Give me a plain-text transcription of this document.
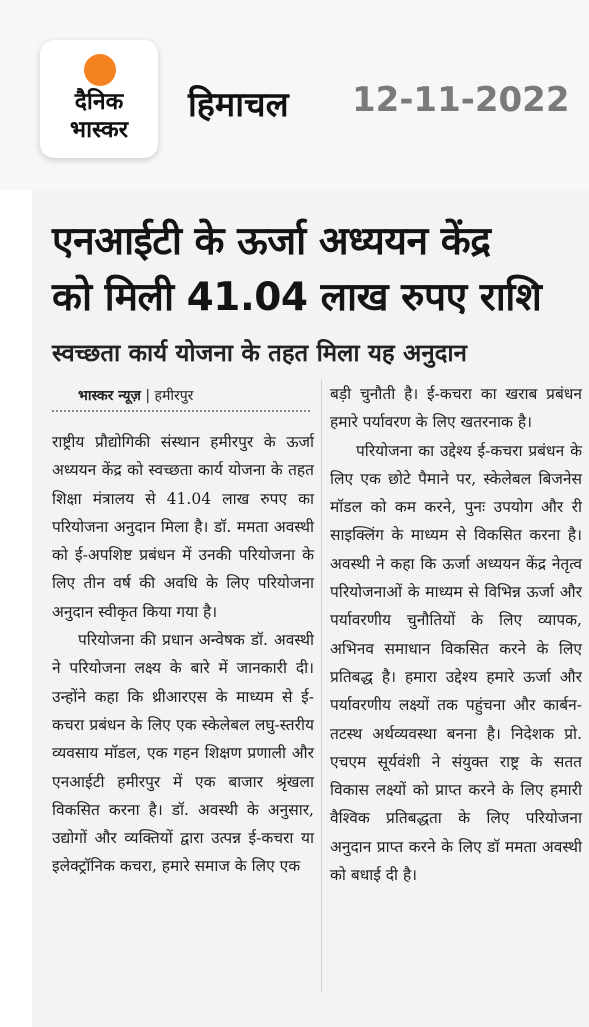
दैनिक
भास्कर
हिमाचल 12-11-2022
एनआईटी के ऊर्जा अध्ययन केंद्र
को मिली 41.04 लाख रुपए राशि
स्वच्छता कार्य योजना के तहत मिला यह अनुदान
भास्कर न्यूज़ | हमीरपुर

राष्ट्रीय प्रौद्योगिकी संस्थान हमीरपुर के ऊर्जा अध्ययन केंद्र को स्वच्छता कार्य योजना के तहत शिक्षा मंत्रालय से 41.04 लाख रुपए का परियोजना अनुदान मिला है। डॉ. ममता अवस्थी को ई-अपशिष्ट प्रबंधन में उनकी परियोजना के लिए तीन वर्ष की अवधि के लिए परियोजना अनुदान स्वीकृत किया गया है।

परियोजना की प्रधान अन्वेषक डॉ. अवस्थी ने परियोजना लक्ष्य के बारे में जानकारी दी। उन्होंने कहा कि थ्रीआरएस के माध्यम से ई-कचरा प्रबंधन के लिए एक स्केलेबल लघु-स्तरीय व्यवसाय मॉडल, एक गहन शिक्षण प्रणाली और एनआईटी हमीरपुर में एक बाजार श्रृंखला विकसित करना है। डॉ. अवस्थी के अनुसार, उद्योगों और व्यक्तियों द्वारा उत्पन्न ई-कचरा या इलेक्ट्रॉनिक कचरा, हमारे समाज के लिए एक

बड़ी चुनौती है। ई-कचरा का खराब प्रबंधन हमारे पर्यावरण के लिए खतरनाक है।

परियोजना का उद्देश्य ई-कचरा प्रबंधन के लिए एक छोटे पैमाने पर, स्केलेबल बिजनेस मॉडल को कम करने, पुनः उपयोग और री साइक्लिंग के माध्यम से विकसित करना है। अवस्थी ने कहा कि ऊर्जा अध्ययन केंद्र नेतृत्व परियोजनाओं के माध्यम से विभिन्न ऊर्जा और पर्यावरणीय चुनौतियों के लिए व्यापक, अभिनव समाधान विकसित करने के लिए प्रतिबद्ध है। हमारा उद्देश्य हमारे ऊर्जा और पर्यावरणीय लक्ष्यों तक पहुंचना और कार्बन-तटस्थ अर्थव्यवस्था बनना है। निदेशक प्रो. एचएम सूर्यवंशी ने संयुक्त राष्ट्र के सतत विकास लक्ष्यों को प्राप्त करने के लिए हमारी वैश्विक प्रतिबद्धता के लिए परियोजना अनुदान प्राप्त करने के लिए डॉ ममता अवस्थी को बधाई दी है।
